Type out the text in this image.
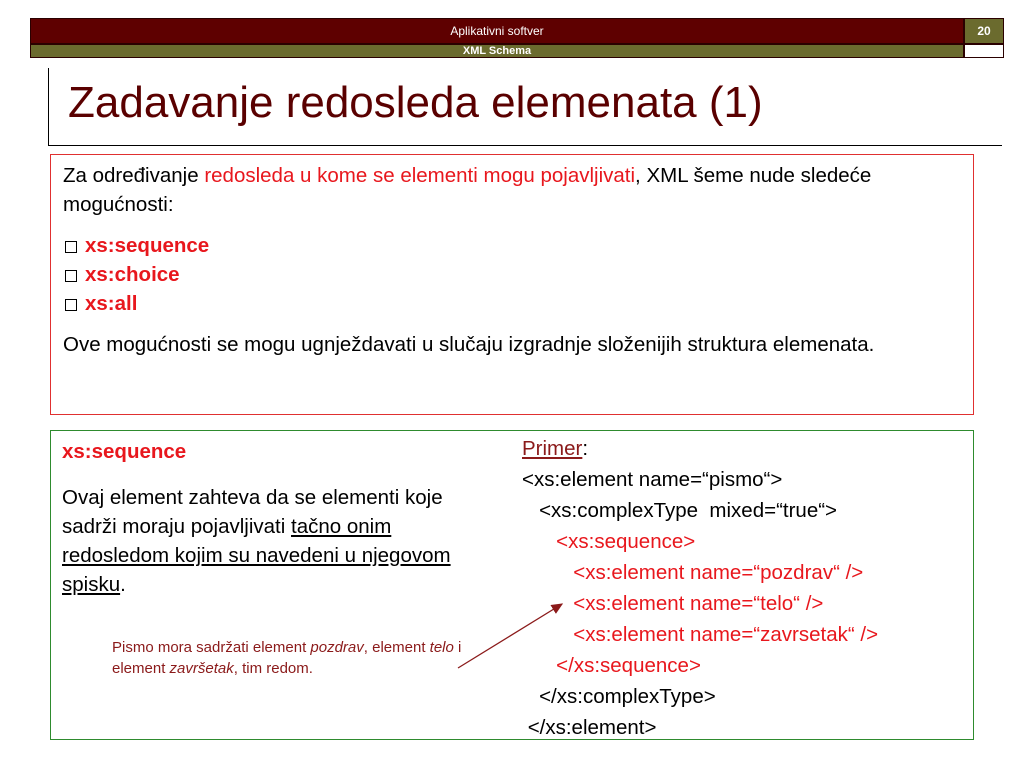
Aplikativni softver	20
XML Schema
Zadavanje redosleda elemenata (1)

Za određivanje redosleda u kome se elementi mogu pojavljivati, XML šeme nude sledeće mogućnosti:

xs:sequence
xs:choice
xs:all

Ove mogućnosti se mogu ugnježdavati u slučaju izgradnje složenijih struktura elemenata.

xs:sequence
Ovaj element zahteva da se elementi koje sadrži moraju pojavljivati tačno onim redosledom kojim su navedeni u njegovom spisku.
Pismo mora sadržati element pozdrav, element telo i element završetak, tim redom.
Primer:
<xs:element name=“pismo“>
<xs:complexType  mixed=“true“>
<xs:sequence>
<xs:element name=“pozdrav“ />
<xs:element name=“telo“ />
<xs:element name=“zavrsetak“ />
</xs:sequence>
</xs:complexType>
</xs:element>
